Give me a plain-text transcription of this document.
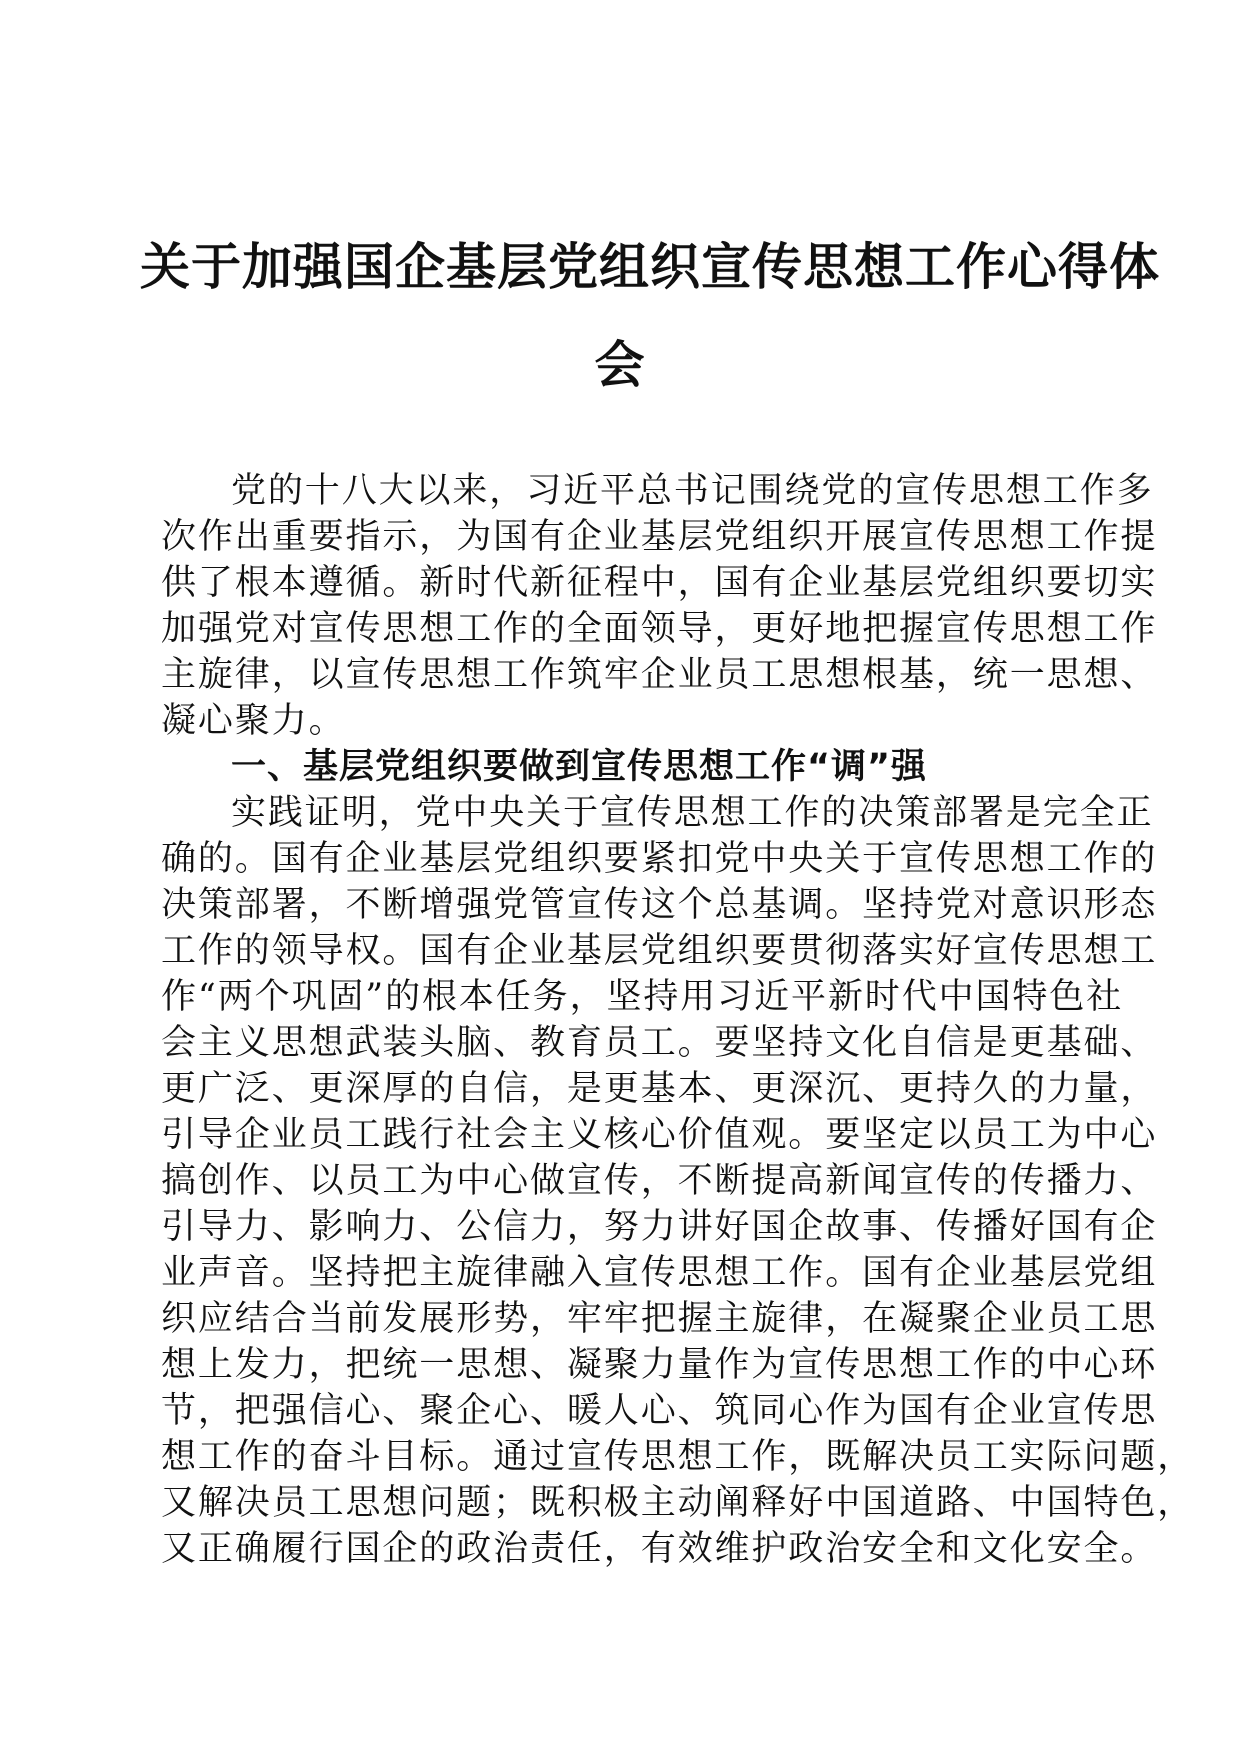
关于加强国企基层党组织宣传思想工作心得体
会
党的十八大以来，习近平总书记围绕党的宣传思想工作多
次作出重要指示，为国有企业基层党组织开展宣传思想工作提
供了根本遵循。新时代新征程中，国有企业基层党组织要切实
加强党对宣传思想工作的全面领导，更好地把握宣传思想工作
主旋律，以宣传思想工作筑牢企业员工思想根基，统一思想、
凝心聚力。
一、基层党组织要做到宣传思想工作“调”强
实践证明，党中央关于宣传思想工作的决策部署是完全正
确的。国有企业基层党组织要紧扣党中央关于宣传思想工作的
决策部署，不断增强党管宣传这个总基调。坚持党对意识形态
工作的领导权。国有企业基层党组织要贯彻落实好宣传思想工
作“两个巩固”的根本任务，坚持用习近平新时代中国特色社
会主义思想武装头脑、教育员工。要坚持文化自信是更基础、
更广泛、更深厚的自信，是更基本、更深沉、更持久的力量，
引导企业员工践行社会主义核心价值观。要坚定以员工为中心
搞创作、以员工为中心做宣传，不断提高新闻宣传的传播力、
引导力、影响力、公信力，努力讲好国企故事、传播好国有企
业声音。坚持把主旋律融入宣传思想工作。国有企业基层党组
织应结合当前发展形势，牢牢把握主旋律，在凝聚企业员工思
想上发力，把统一思想、凝聚力量作为宣传思想工作的中心环
节，把强信心、聚企心、暖人心、筑同心作为国有企业宣传思
想工作的奋斗目标。通过宣传思想工作，既解决员工实际问题，
又解决员工思想问题；既积极主动阐释好中国道路、中国特色，
又正确履行国企的政治责任，有效维护政治安全和文化安全。
